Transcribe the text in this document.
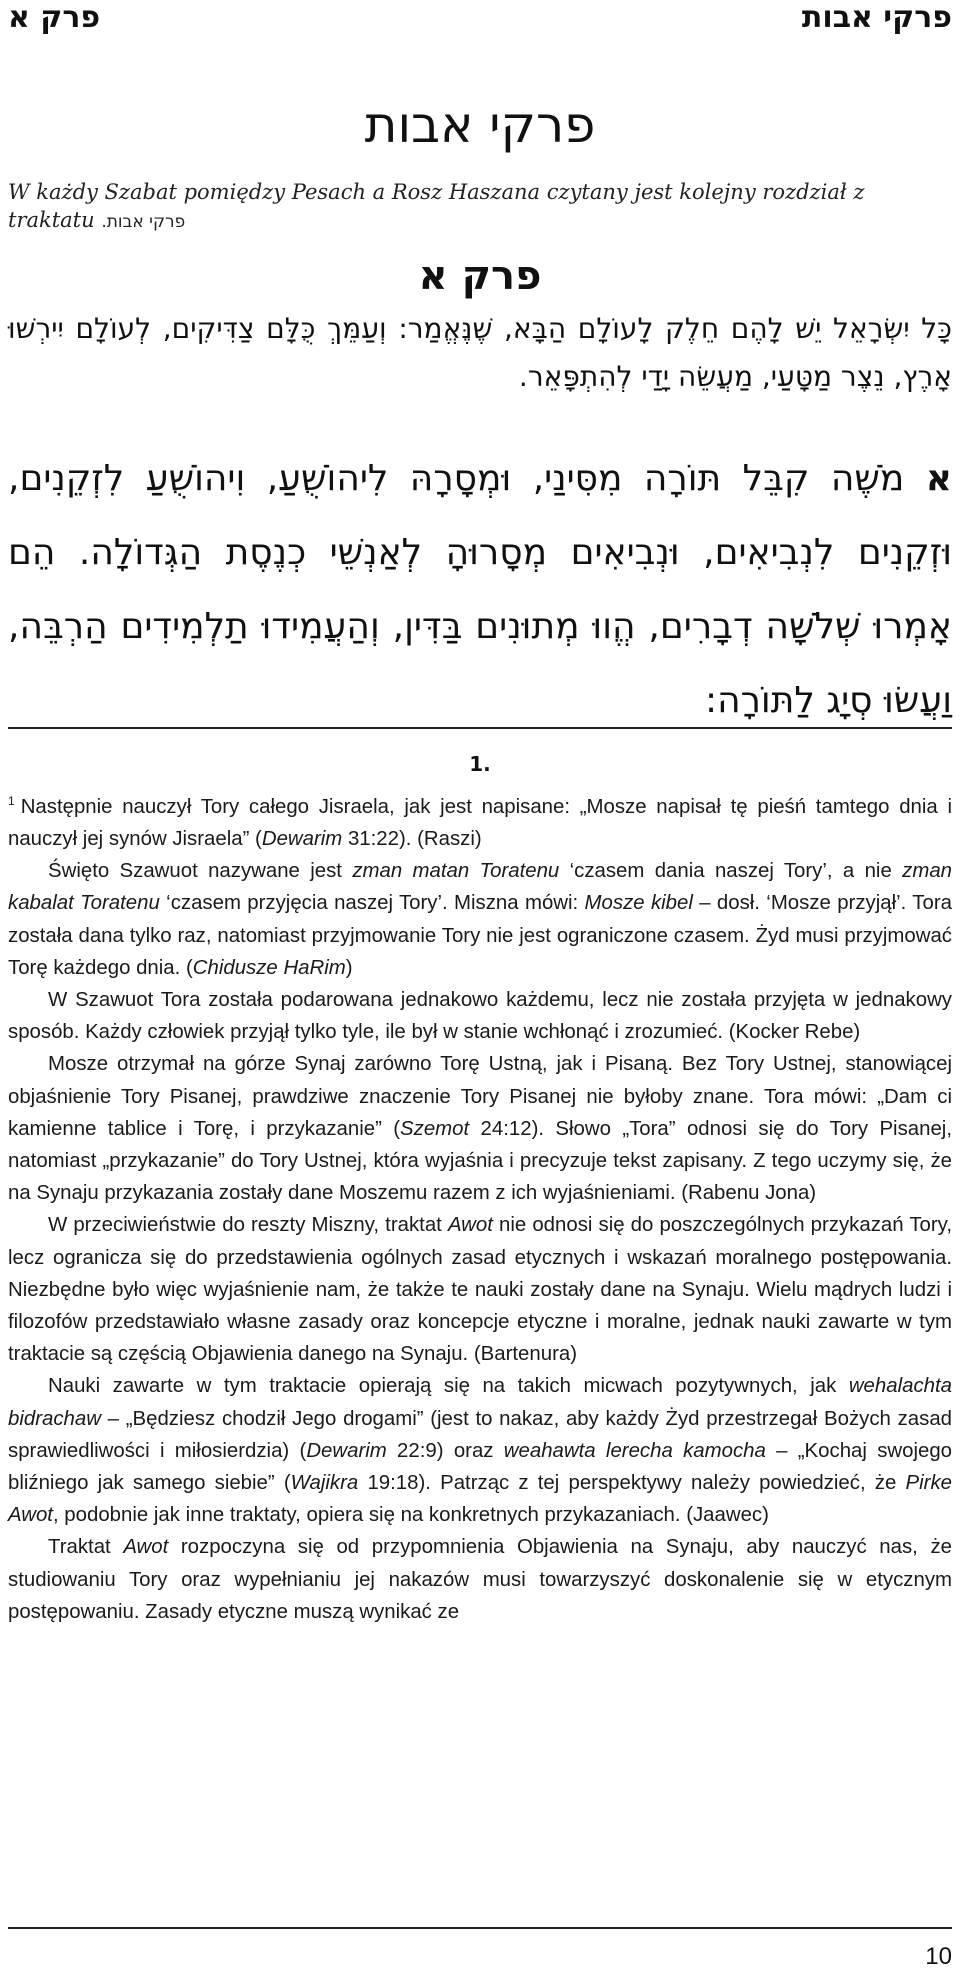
פרק א	פרקי אבות
פרקי אבות
W każdy Szabat pomiędzy Pesach a Rosz Haszana czytany jest kolejny rozdział z traktatu פרקי אבות.
פרק א
כָּל יִשְׂרָאֵל יֵשׁ לָהֶם חֵלֶק לָעוֹלָם הַבָּא, שֶׁנֶּאֱמַר: וְעַמֵּךְ כֻּלָּם צַדִּיקִים, לְעוֹלָם יִירְשׁוּ אָרֶץ, נֵצֶר מַטָּעַי, מַעֲשֵׂה יָדַי לְהִתְפָּאֵר.
א מֹשֶׁה קִבֵּל תּוֹרָה מִסִּינַי, וּמְסָרָהּ לִיהוֹשֻׁעַ, וִיהוֹשֻׁעַ לִזְקֵנִים, וּזְקֵנִים לִנְבִיאִים, וּנְבִיאִים מְסָרוּהָ לְאַנְשֵׁי כְנֶסֶת הַגְּדוֹלָה. הֵם אָמְרוּ שְׁלֹשָׁה דְבָרִים, הֱווּ מְתוּנִים בַּדִּין, וְהַעֲמִידוּ תַלְמִידִים הַרְבֵּה, וַעֲשׂוּ סְיָג לַתּוֹרָה:
1.

$^1$ Następnie nauczył Tory całego Jisraela, jak jest napisane: „Mosze napisał tę pieśń tamtego dnia i nauczył jej synów Jisraela” (Dewarim 31:22). (Raszi)

Święto Szawuot nazywane jest zman matan Toratenu ‘czasem dania naszej Tory’, a nie zman kabalat Toratenu ‘czasem przyjęcia naszej Tory’. Miszna mówi: Mosze kibel – dosł. ‘Mosze przyjął’. Tora została dana tylko raz, natomiast przyjmowanie Tory nie jest ograniczone czasem. Żyd musi przyjmować Torę każdego dnia. (Chidusze HaRim)

W Szawuot Tora została podarowana jednakowo każdemu, lecz nie została przyjęta w jednakowy sposób. Każdy człowiek przyjął tylko tyle, ile był w stanie wchłonąć i zrozumieć. (Kocker Rebe)

Mosze otrzymał na górze Synaj zarówno Torę Ustną, jak i Pisaną. Bez Tory Ustnej, stanowiącej objaśnienie Tory Pisanej, prawdziwe znaczenie Tory Pisanej nie byłoby znane. Tora mówi: „Dam ci kamienne tablice i Torę, i przykazanie” (Szemot 24:12). Słowo „Tora” odnosi się do Tory Pisanej, natomiast „przykazanie” do Tory Ustnej, która wyjaśnia i precyzuje tekst zapisany. Z tego uczymy się, że na Synaju przykazania zostały dane Moszemu razem z ich wyjaśnieniami. (Rabenu Jona)

W przeciwieństwie do reszty Miszny, traktat Awot nie odnosi się do poszczególnych przykazań Tory, lecz ogranicza się do przedstawienia ogólnych zasad etycznych i wskazań moralnego postępowania. Niezbędne było więc wyjaśnienie nam, że także te nauki zostały dane na Synaju. Wielu mądrych ludzi i filozofów przedstawiało własne zasady oraz koncepcje etyczne i moralne, jednak nauki zawarte w tym traktacie są częścią Objawienia danego na Synaju. (Bartenura)

Nauki zawarte w tym traktacie opierają się na takich micwach pozytywnych, jak wehalachta bidrachaw – „Będziesz chodził Jego drogami” (jest to nakaz, aby każdy Żyd przestrzegał Bożych zasad sprawiedliwości i miłosierdzia) (Dewarim 22:9) oraz weahawta lerecha kamocha – „Kochaj swojego bliźniego jak samego siebie” (Wajikra 19:18). Patrząc z tej perspektywy należy powiedzieć, że Pirke Awot, podobnie jak inne traktaty, opiera się na konkretnych przykazaniach. (Jaawec)

Traktat Awot rozpoczyna się od przypomnienia Objawienia na Synaju, aby nauczyć nas, że studiowaniu Tory oraz wypełnianiu jej nakazów musi towarzyszyć doskonalenie się w etycznym postępowaniu. Zasady etyczne muszą wynikać ze

10
